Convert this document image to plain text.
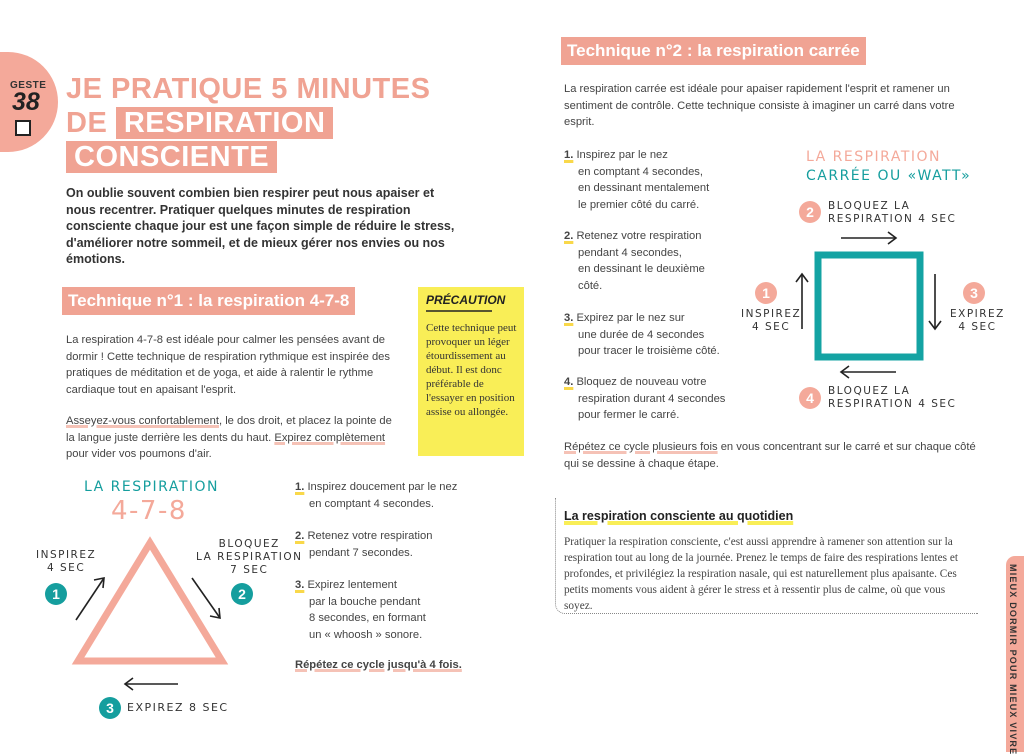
GESTE
38 JE PRATIQUE 5 MINUTES
DE RESPIRATION
CONSCIENTE
On oublie souvent combien bien respirer peut nous apaiser et nous recentrer. Pratiquer quelques minutes de respiration consciente chaque jour est une façon simple de réduire le stress, d'améliorer notre sommeil, et de mieux gérer nos envies ou nos émotions.
Technique n°1 : la respiration 4-7-8
La respiration 4-7-8 est idéale pour calmer les pensées avant de dormir ! Cette technique de respiration rythmique est inspirée des pratiques de méditation et de yoga, et aide à ralentir le rythme cardiaque tout en apaisant l'esprit.
Asseyez-vous confortablement, le dos droit, et placez la pointe de la langue juste derrière les dents du haut. Expirez complètement pour vider vos poumons d'air.
PRÉCAUTION
Cette technique peut provoquer un léger étourdissement au début. Il est donc préférable de l'essayer en position assise ou allongée.
LA RESPIRATION
4-7-8
INSPIREZ
4 SEC
BLOQUEZ
LA RESPIRATION
7 SEC
EXPIREZ 8 SEC
1	2
3
1. Inspirez doucement par le nez
en comptant 4 secondes.
2. Retenez votre respiration
pendant 7 secondes.
3. Expirez lentement
par la bouche pendant
8 secondes, en formant
un « whoosh » sonore.
Répétez ce cycle jusqu'à 4 fois.
Technique n°2 : la respiration carrée
La respiration carrée est idéale pour apaiser rapidement l'esprit et ramener un sentiment de contrôle. Cette technique consiste à imaginer un carré dans votre esprit.
1. Inspirez par le nez
en comptant 4 secondes,
en dessinant mentalement
le premier côté du carré.
2. Retenez votre respiration
pendant 4 secondes,
en dessinant le deuxième
côté.
3. Expirez par le nez sur
une durée de 4 secondes
pour tracer le troisième côté.
4. Bloquez de nouveau votre
respiration durant 4 secondes
pour fermer le carré.
Répétez ce cycle plusieurs fois en vous concentrant sur le carré et sur chaque côté qui se dessine à chaque étape.
LA RESPIRATION
CARRÉE OU «WATT»
2	BLOQUEZ LA
RESPIRATION 4 SEC
1
INSPIREZ
4 SEC
3
EXPIREZ
4 SEC
4	BLOQUEZ LA
RESPIRATION 4 SEC
La respiration consciente au quotidien
Pratiquer la respiration consciente, c'est aussi apprendre à ramener son attention sur la respiration tout au long de la journée. Prenez le temps de faire des respirations lentes et profondes, et privilégiez la respiration nasale, qui est naturellement plus apaisante. Ces petits moments vous aident à gérer le stress et à ressentir plus de calme, où que vous soyez.	MIEUX DORMIR POUR MIEUX VIVRE
